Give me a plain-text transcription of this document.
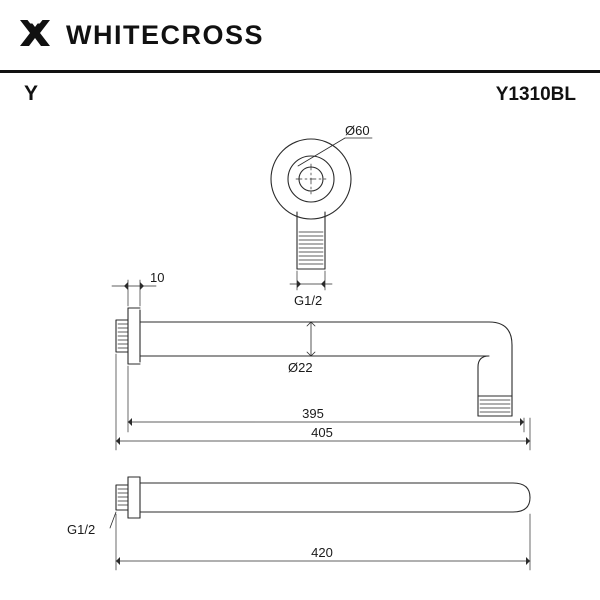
WHITECROSS
Y	Y1310BL
Ø60
G1/2
10
Ø22
395
405
G1/2
420
